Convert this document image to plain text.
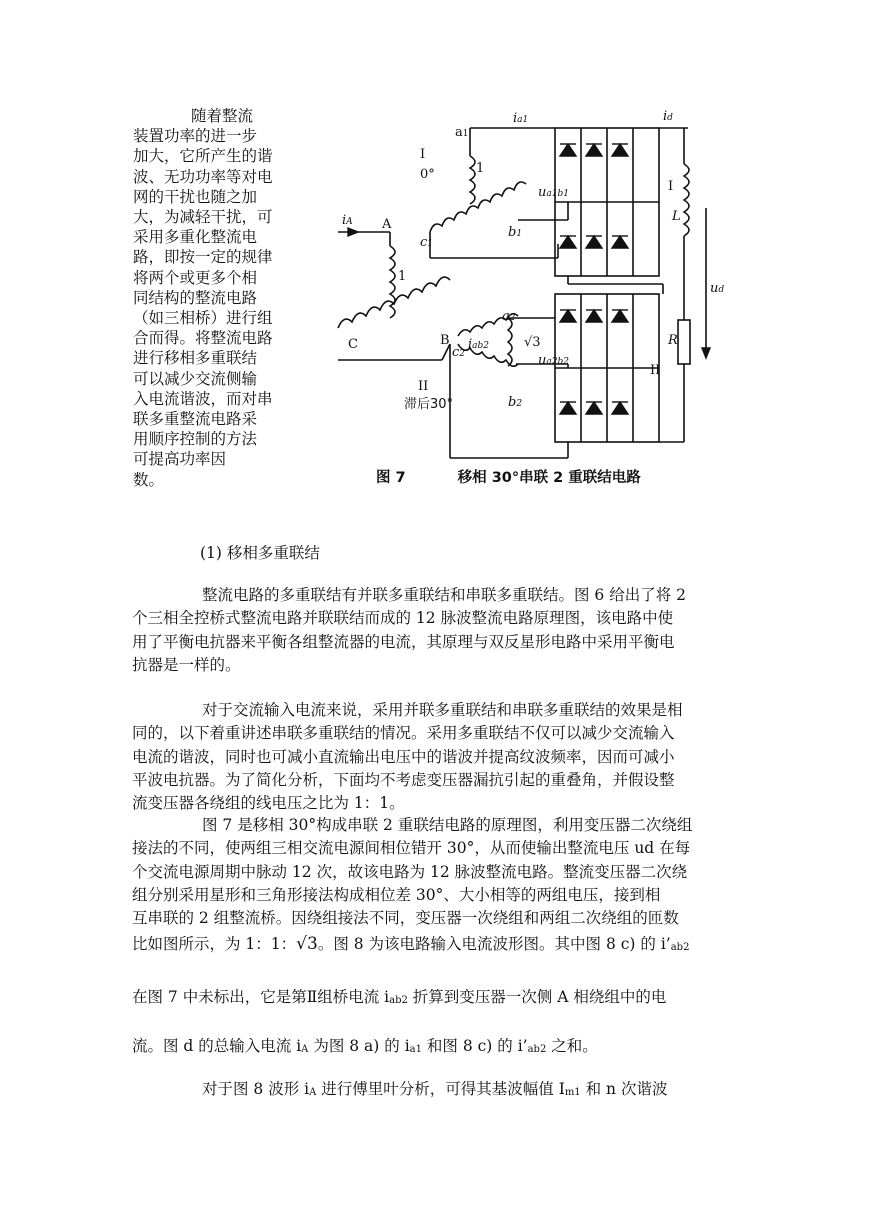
随着整流
装置功率的进一步
加大，它所产生的谐
波、无功功率等对电
网的干扰也随之加
大，为减轻干扰，可
采用多重化整流电
路，即按一定的规律
将两个或更多个相
同结构的整流电路
（如三相桥）进行组
合而得。将整流电路
进行移相多重联结
可以减少交流侧输
入电流谐波，而对串
联多重整流电路采
用顺序控制的方法
可提高功率因
数。
ia1	id
a1
1
I
0°
ua1b1	I
L
iA A
c1
b1
1
ud
a2
C	B
c2
iab2	√3
ua2b2
R
II
滞后30°	b2
II
图 7	移相 30°串联 2 重联结电路
(1) 移相多重联结
整流电路的多重联结有并联多重联结和串联多重联结。图 6 给出了将 2
个三相全控桥式整流电路并联联结而成的 12 脉波整流电路原理图，该电路中使
用了平衡电抗器来平衡各组整流器的电流，其原理与双反星形电路中采用平衡电
抗器是一样的。
对于交流输入电流来说，采用并联多重联结和串联多重联结的效果是相
同的，以下着重讲述串联多重联结的情况。采用多重联结不仅可以减少交流输入
电流的谐波，同时也可减小直流输出电压中的谐波并提高纹波频率，因而可减小
平波电抗器。为了简化分析，下面均不考虑变压器漏抗引起的重叠角，并假设整
流变压器各绕组的线电压之比为 1：1。
图 7 是移相 30°构成串联 2 重联结电路的原理图，利用变压器二次绕组
接法的不同，使两组三相交流电源间相位错开 30°，从而使输出整流电压 ud 在每
个交流电源周期中脉动 12 次，故该电路为 12 脉波整流电路。整流变压器二次绕
组分别采用星形和三角形接法构成相位差 30°、大小相等的两组电压，接到相
互串联的 2 组整流桥。因绕组接法不同，变压器一次绕组和两组二次绕组的匝数
比如图所示，为 1：1：√3。图 8 为该电路输入电流波形图。其中图 8 c) 的 $i’_{ab2}$
在图 7 中未标出，它是第Ⅱ组桥电流 $i_{ab2}$ 折算到变压器一次侧 A 相绕组中的电
流。图 d 的总输入电流 $i_A$ 为图 8 a) 的 $i_{a1}$ 和图 8 c) 的 $i’_{ab2}$ 之和。
对于图 8 波形 $i_A$ 进行傅里叶分析，可得其基波幅值 $I_{m1}$ 和 n 次谐波
